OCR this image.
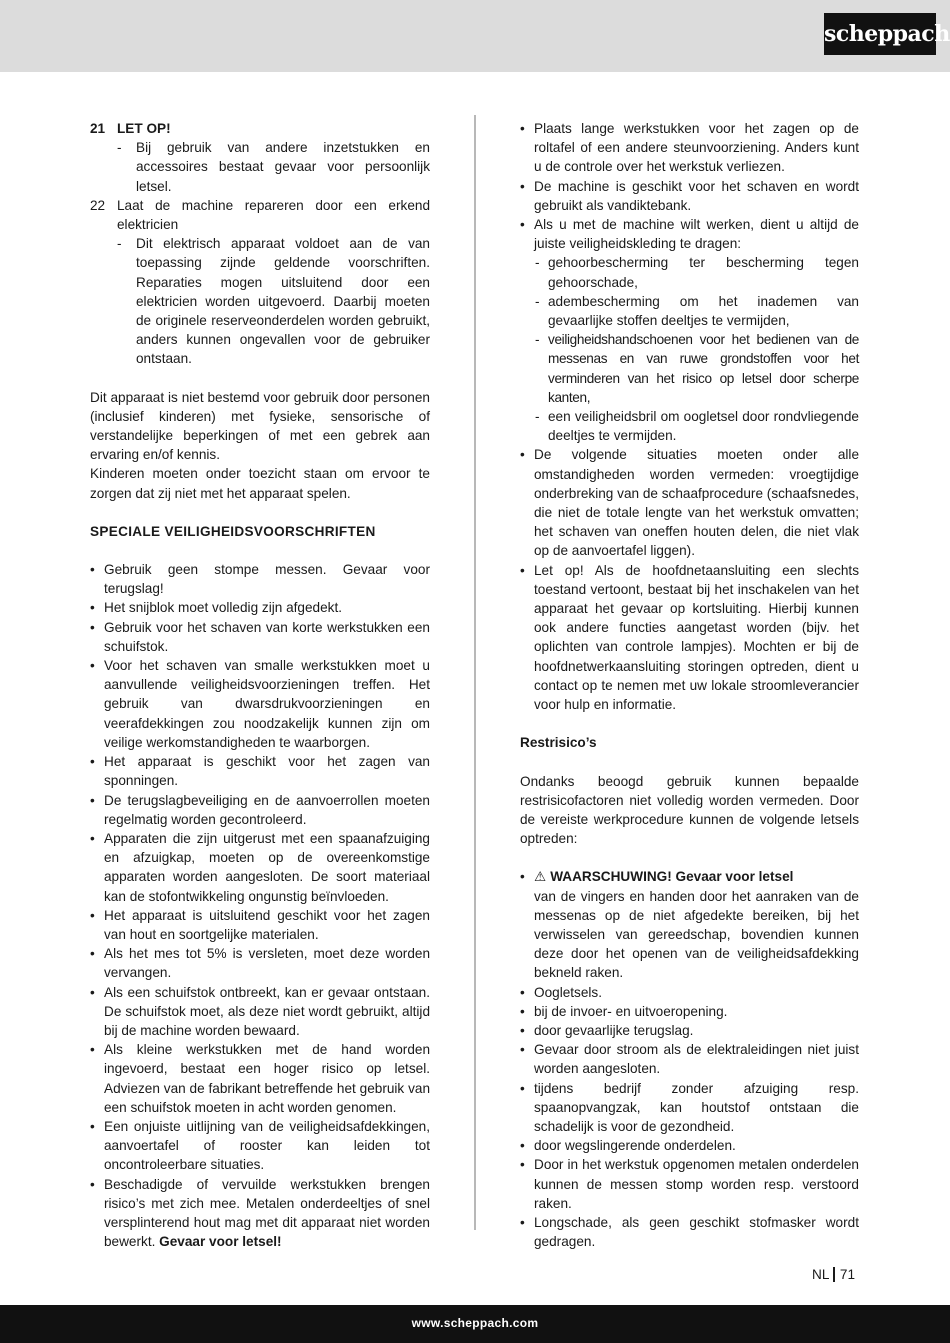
scheppach
21 LET OP!

- Bij gebruik van andere inzetstukken en accessoires bestaat gevaar voor persoonlijk letsel.

22 Laat de machine repareren door een erkend elektricien

- Dit elektrisch apparaat voldoet aan de van toepassing zijnde geldende voorschriften. Reparaties mogen uitsluitend door een elektricien worden uitgevoerd. Daarbij moeten de originele reserveonderdelen worden gebruikt, anders kunnen ongevallen voor de gebruiker ontstaan.

Dit apparaat is niet bestemd voor gebruik door personen (inclusief kinderen) met fysieke, sensorische of verstandelijke beperkingen of met een gebrek aan ervaring en/of kennis.

Kinderen moeten onder toezicht staan om ervoor te zorgen dat zij niet met het apparaat spelen.

SPECIALE VEILIGHEIDSVOORSCHRIFTEN

• Gebruik geen stompe messen. Gevaar voor terugslag!

• Het snijblok moet volledig zijn afgedekt.

• Gebruik voor het schaven van korte werkstukken een schuifstok.

• Voor het schaven van smalle werkstukken moet u aanvullende veiligheidsvoorzieningen treffen. Het gebruik van dwarsdrukvoorzieningen en veerafdekkingen zou noodzakelijk kunnen zijn om veilige werkomstandigheden te waarborgen.

• Het apparaat is geschikt voor het zagen van sponningen.

• De terugslagbeveiliging en de aanvoerrollen moeten regelmatig worden gecontroleerd.

• Apparaten die zijn uitgerust met een spaanafzuiging en afzuigkap, moeten op de overeenkomstige apparaten worden aangesloten. De soort materiaal kan de stofontwikkeling ongunstig beïnvloeden.

• Het apparaat is uitsluitend geschikt voor het zagen van hout en soortgelijke materialen.

• Als het mes tot 5% is versleten, moet deze worden vervangen.

• Als een schuifstok ontbreekt, kan er gevaar ontstaan. De schuifstok moet, als deze niet wordt gebruikt, altijd bij de machine worden bewaard.

• Als kleine werkstukken met de hand worden ingevoerd, bestaat een hoger risico op letsel. Adviezen van de fabrikant betreffende het gebruik van een schuifstok moeten in acht worden genomen.

• Een onjuiste uitlijning van de veiligheidsafdekkingen, aanvoertafel of rooster kan leiden tot oncontroleerbare situaties.

• Beschadigde of vervuilde werkstukken brengen risico’s met zich mee. Metalen onderdeeltjes of snel versplinterend hout mag met dit apparaat niet worden bewerkt. Gevaar voor letsel!

• Plaats lange werkstukken voor het zagen op de roltafel of een andere steunvoorziening. Anders kunt u de controle over het werkstuk verliezen.

• De machine is geschikt voor het schaven en wordt gebruikt als vandiktebank.

• Als u met de machine wilt werken, dient u altijd de juiste veiligheidskleding te dragen:

- gehoorbescherming ter bescherming tegen gehoorschade,

- adembescherming om het inademen van gevaarlijke stoffen deeltjes te vermijden,

- veiligheidshandschoenen voor het bedienen van de messenas en van ruwe grondstoffen voor het verminderen van het risico op letsel door scherpe kanten,

- een veiligheidsbril om oogletsel door rondvliegende deeltjes te vermijden.

• De volgende situaties moeten onder alle omstandigheden worden vermeden: vroegtijdige onderbreking van de schaafprocedure (schaafsnedes, die niet de totale lengte van het werkstuk omvatten; het schaven van oneffen houten delen, die niet vlak op de aanvoertafel liggen).

• Let op! Als de hoofdnetaansluiting een slechts toestand vertoont, bestaat bij het inschakelen van het apparaat het gevaar op kortsluiting. Hierbij kunnen ook andere functies aangetast worden (bijv. het oplichten van controle lampjes). Mochten er bij de hoofdnetwerkaansluiting storingen optreden, dient u contact op te nemen met uw lokale stroomleverancier voor hulp en informatie.

Restrisico’s

Ondanks beoogd gebruik kunnen bepaalde restrisicofactoren niet volledig worden vermeden. Door de vereiste werkprocedure kunnen de volgende letsels optreden:

• ⚠ WAARSCHUWING! Gevaar voor letsel

van de vingers en handen door het aanraken van de messenas op de niet afgedekte bereiken, bij het verwisselen van gereedschap, bovendien kunnen deze door het openen van de veiligheidsafdekking bekneld raken.

• Oogletsels.

• bij de invoer- en uitvoeropening.

• door gevaarlijke terugslag.

• Gevaar door stroom als de elektraleidingen niet juist worden aangesloten.

• tijdens bedrijf zonder afzuiging resp. spaanopvangzak, kan houtstof ontstaan die schadelijk is voor de gezondheid.

• door wegslingerende onderdelen.

• Door in het werkstuk opgenomen metalen onderdelen kunnen de messen stomp worden resp. verstoord raken.

• Longschade, als geen geschikt stofmasker wordt gedragen.

NL 71
www.scheppach.com
